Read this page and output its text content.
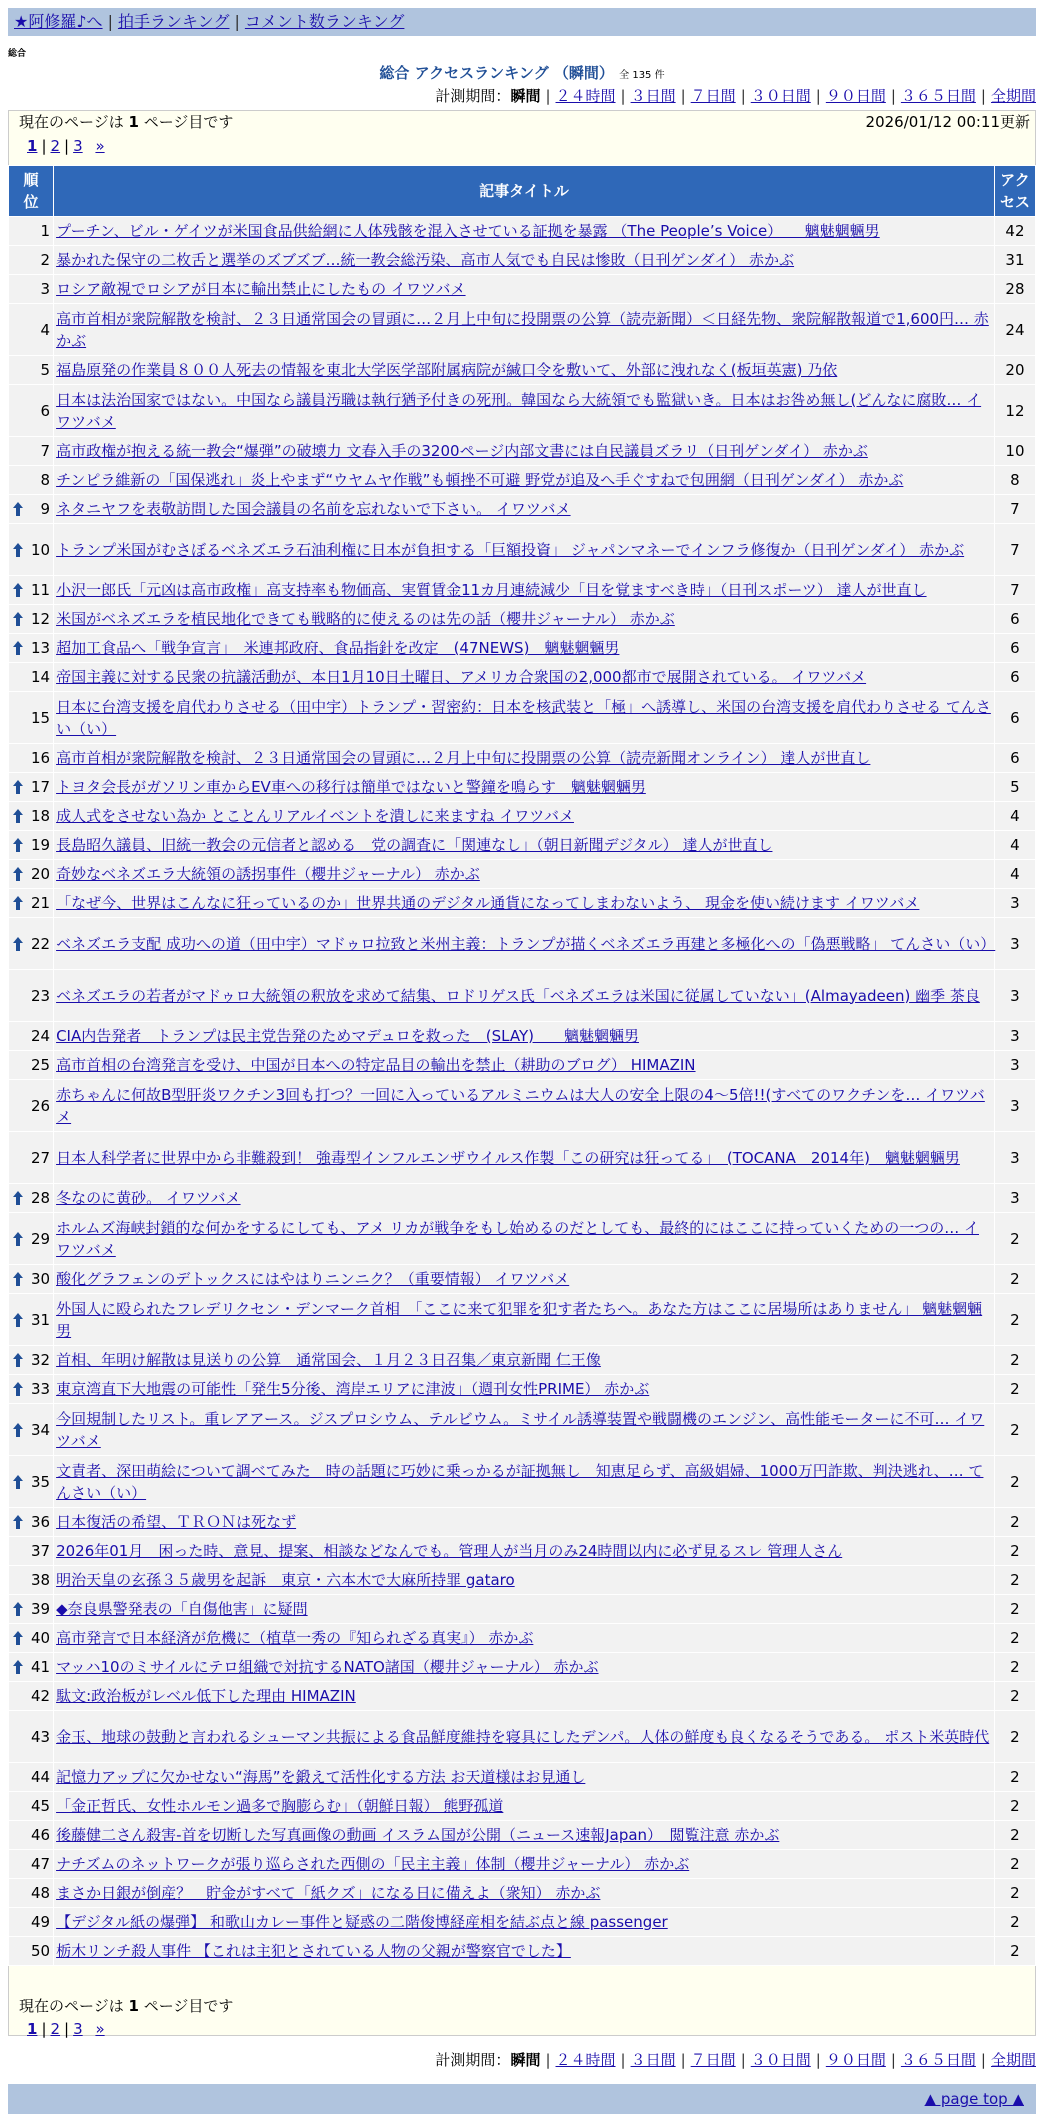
★阿修羅♪へ | 拍手ランキング | コメント数ランキング
総合
総合 アクセスランキング （瞬間） 全 135 件
計測期間：瞬間 | ２４時間 | ３日間 | ７日間 | ３０日間 | ９０日間 | ３６５日間 | 全期間
現在のページは 1 ページ目です	2026/01/12 00:11更新
1 | 2 | 3 »
順位	記事タイトル	アクセス
1	プーチン、ビル・ゲイツが米国食品供給網に人体残骸を混入させている証拠を暴露 （The People’s Voice）　　魑魅魍魎男	42
2	暴かれた保守の二枚舌と選挙のズブズブ…統一教会総汚染、高市人気でも自民は惨敗（日刊ゲンダイ） 赤かぶ	31
3	ロシア敵視でロシアが日本に輸出禁止にしたもの イワツバメ	28
4	高市首相が衆院解散を検討、２３日通常国会の冒頭に…２月上中旬に投開票の公算（読売新聞）＜日経先物、衆院解散報道で1,600円… 赤かぶ	24
5	福島原発の作業員８００人死去の情報を東北大学医学部附属病院が緘口令を敷いて、外部に洩れなく(板垣英憲) 乃依	20
6	日本は法治国家ではない。中国なら議員汚職は執行猶予付きの死刑。韓国なら大統領でも監獄いき。日本はお咎め無し(どんなに腐敗… イワツバメ	12
7	高市政権が抱える統一教会“爆弾”の破壊力 文春入手の3200ページ内部文書には自民議員ズラリ（日刊ゲンダイ） 赤かぶ	10
8	チンピラ維新の「国保逃れ」炎上やまず“ウヤムヤ作戦”も頓挫不可避 野党が追及へ手ぐすねで包囲網（日刊ゲンダイ） 赤かぶ	8

9	ネタニヤフを表敬訪問した国会議員の名前を忘れないで下さい。 イワツバメ	7

10	トランプ米国がむさぼるベネズエラ石油利権に日本が負担する「巨額投資」 ジャパンマネーでインフラ修復か（日刊ゲンダイ） 赤かぶ	7

11	小沢一郎氏「元凶は高市政権」高支持率も物価高、実質賃金11カ月連続減少「目を覚ますべき時」（日刊スポーツ） 達人が世直し	7

12	米国がベネズエラを植民地化できても戦略的に使えるのは先の話（櫻井ジャーナル） 赤かぶ	6

13	超加工食品へ「戦争宣言」　米連邦政府、食品指針を改定　(47NEWS)　魑魅魍魎男	6
14	帝国主義に対する民衆の抗議活動が、本日1月10日土曜日、アメリカ合衆国の2,000都市で展開されている。 イワツバメ	6
15	日本に台湾支援を肩代わりさせる（田中宇）トランプ・習密約：日本を核武装と「極」へ誘導し、米国の台湾支援を肩代わりさせる てんさい（い）	6
16	高市首相が衆院解散を検討、２３日通常国会の冒頭に…２月上中旬に投開票の公算（読売新聞オンライン） 達人が世直し	6

17	トヨタ会長がガソリン車からEV車への移行は簡単ではないと警鐘を鳴らす　魑魅魍魎男	5

18	成人式をさせない為か とことんリアルイベントを潰しに来ますね イワツバメ	4

19	長島昭久議員、旧統一教会の元信者と認める　党の調査に「関連なし」（朝日新聞デジタル） 達人が世直し	4

20	奇妙なベネズエラ大統領の誘拐事件（櫻井ジャーナル） 赤かぶ	4

21	「なぜ今、世界はこんなに狂っているのか」世界共通のデジタル通貨になってしまわないよう、 現金を使い続けます イワツバメ	3

22	ベネズエラ支配 成功への道（田中宇）マドゥロ拉致と米州主義：トランプが描くベネズエラ再建と多極化への「偽悪戦略」 てんさい（い）	3
23	ベネズエラの若者がマドゥロ大統領の釈放を求めて結集、ロドリゲス氏「ベネズエラは米国に従属していない」(Almayadeen) 幽季 茶良	3
24	CIA内告発者　トランプは民主党告発のためマデュロを救った　(SLAY)　　魑魅魍魎男	3
25	高市首相の台湾発言を受け、中国が日本への特定品目の輸出を禁止（耕助のブログ） HIMAZIN	3
26	赤ちゃんに何故B型肝炎ワクチン3回も打つ？一回に入っているアルミニウムは大人の安全上限の4〜5倍!!(すべてのワクチンを… イワツバメ	3
27	日本人科学者に世界中から非難殺到！ 強毒型インフルエンザウイルス作製「この研究は狂ってる」　(TOCANA　2014年)　魑魅魍魎男	3

28	冬なのに黄砂。 イワツバメ	3

29	ホルムズ海峡封鎖的な何かをするにしても、アメ リカが戦争をもし始めるのだとしても、最終的にはここに持っていくための一つの… イワツバメ	2

30	酸化グラフェンのデトックスにはやはりニンニク？（重要情報） イワツバメ	2

31	外国人に殴られたフレデリクセン・デンマーク首相　「ここに来て犯罪を犯す者たちへ。あなた方はここに居場所はありません」 魑魅魍魎男	2

32	首相、年明け解散は見送りの公算　通常国会、１月２３日召集／東京新聞 仁王像	2

33	東京湾直下大地震の可能性「発生5分後、湾岸エリアに津波」（週刊女性PRIME） 赤かぶ	2

34	今回規制したリスト。重レアアース。ジスプロシウム、テルビウム。ミサイル誘導装置や戦闘機のエンジン、高性能モーターに不可… イワツバメ	2

35	文責者、深田萌絵について調べてみた　時の話題に巧妙に乗っかるが証拠無し　知恵足らず、高級娼婦、1000万円詐欺、判決逃れ、… てんさい（い）	2

36	日本復活の希望、ＴＲＯＮは死なず	2
37	2026年01月　困った時、意見、提案、相談などなんでも。管理人が当月のみ24時間以内に必ず見るスレ 管理人さん	2
38	明治天皇の玄孫３５歳男を起訴　東京・六本木で大麻所持罪 gataro	2

39	◆奈良県警発表の「自傷他害」に疑問	2

40	高市発言で日本経済が危機に（植草一秀の『知られざる真実』） 赤かぶ	2

41	マッハ10のミサイルにテロ組織で対抗するNATO諸国（櫻井ジャーナル） 赤かぶ	2
42	駄文:政治板がレベル低下した理由 HIMAZIN	2
43	金玉、地球の鼓動と言われるシューマン共振による食品鮮度維持を寝具にしたデンパ。人体の鮮度も良くなるそうである。 ポスト米英時代	2
44	記憶力アップに欠かせない“海馬”を鍛えて活性化する方法 お天道様はお見通し	2
45	「金正哲氏、女性ホルモン過多で胸膨らむ」（朝鮮日報） 熊野孤道	2
46	後藤健二さん殺害-首を切断した写真画像の動画 イスラム国が公開（ニュース速報Japan）　閲覧注意 赤かぶ	2
47	ナチズムのネットワークが張り巡らされた西側の「民主主義」体制（櫻井ジャーナル） 赤かぶ	2
48	まさか日銀が倒産？　貯金がすべて「紙クズ」になる日に備えよ（衆知） 赤かぶ	2
49	【デジタル紙の爆弾】 和歌山カレー事件と疑惑の二階俊博経産相を結ぶ点と線 passenger	2
50	栃木リンチ殺人事件 【これは主犯とされている人物の父親が警察官でした】	2
現在のページは 1 ページ目です
1 | 2 | 3 »
計測期間：瞬間 | ２４時間 | ３日間 | ７日間 | ３０日間 | ９０日間 | ３６５日間 | 全期間
▲ page top ▲
